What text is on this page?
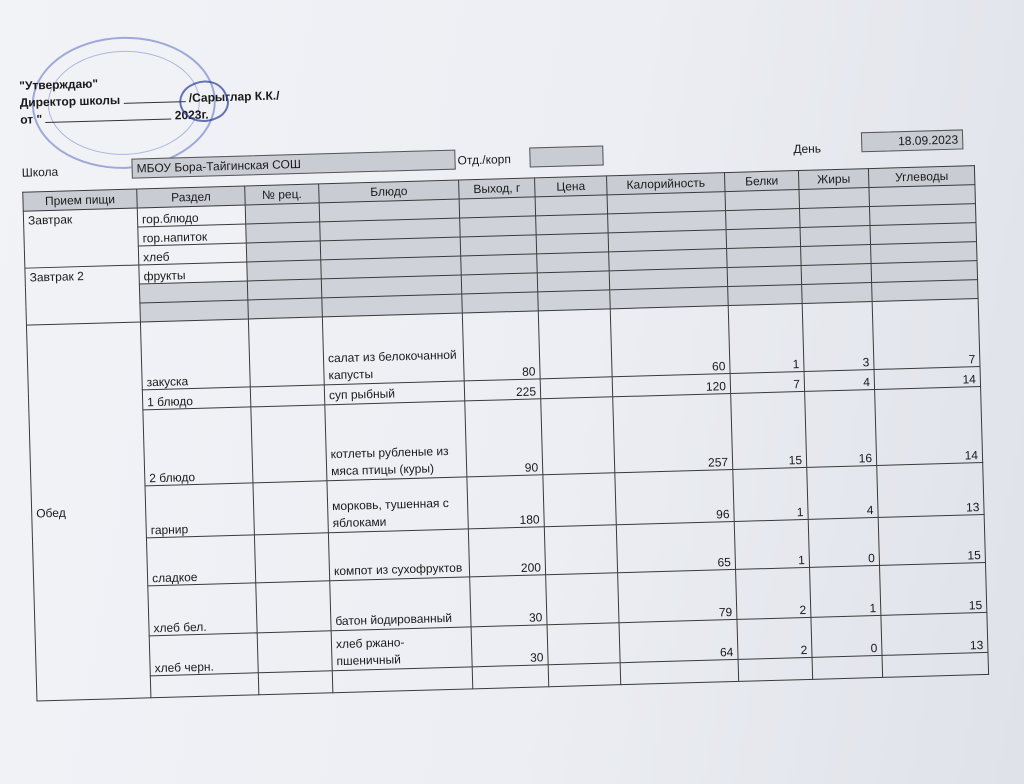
"Утверждаю"
Директор школы	/Сарыглар К.К./
от "	2023г.
Школа	МБОУ Бора-Тайгинская СОШ	Отд./корп
День
18.09.2023
Прием пищи	Раздел	№ рец.	Блюдо	Выход, г	Цена	Калорийность	Белки	Жиры	Углеводы
Завтрак	гор.блюдо								
	гор.напиток								
	хлеб								
Завтрак 2	фрукты								

Обед	закуска		салат из белокочанной капусты	80		60	1	3	7
	1 блюдо		суп рыбный	225		120	7	4	14
	2 блюдо		котлеты рубленые из мяса птицы (куры)	90		257	15	16	14
	гарнир		морковь, тушенная с яблоками	180		96	1	4	13
	сладкое		компот из сухофруктов	200		65	1	0	15
	хлеб бел.		батон йодированный	30		79	2	1	15
	хлеб черн.		хлеб ржано-пшеничный	30		64	2	0	13
